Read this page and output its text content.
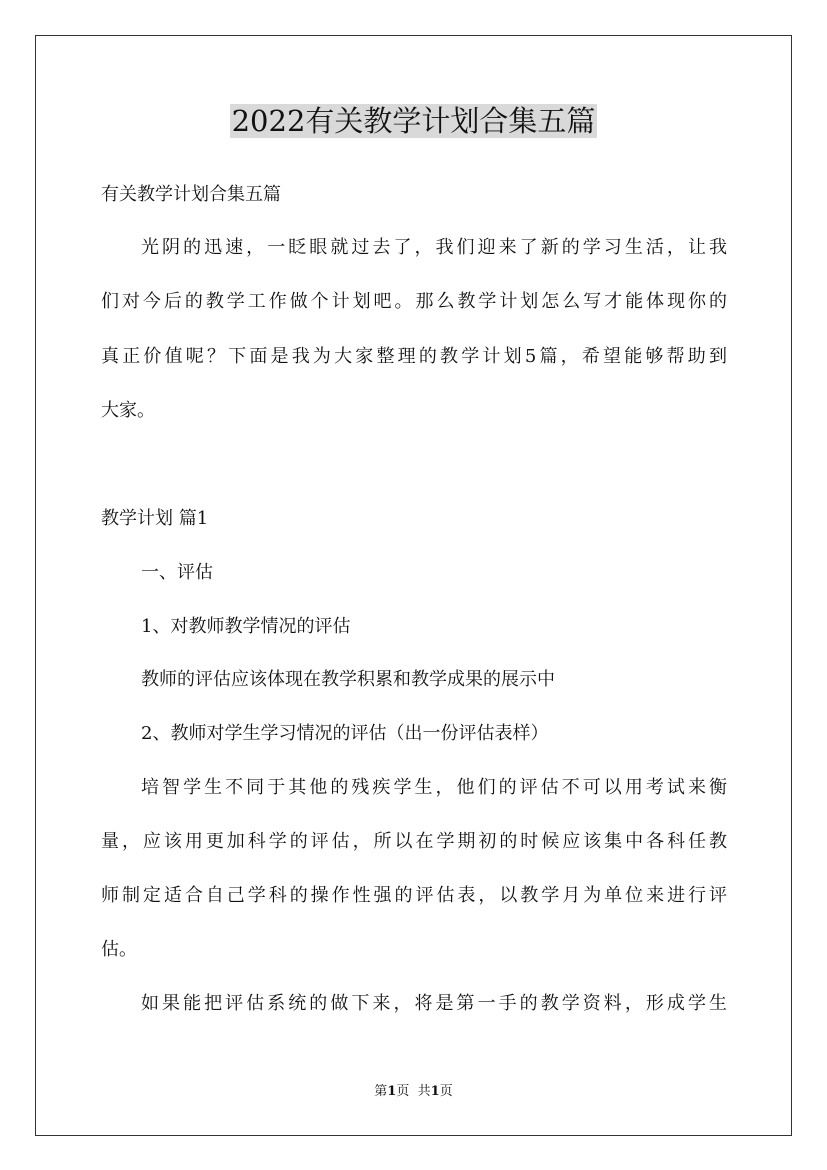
2022有关教学计划合集五篇
有关教学计划合集五篇
光阴的迅速，一眨眼就过去了，我们迎来了新的学习生活，让我
们对今后的教学工作做个计划吧。那么教学计划怎么写才能体现你的
真正价值呢？下面是我为大家整理的教学计划5篇，希望能够帮助到
大家。
教学计划 篇1
一、评估
1、对教师教学情况的评估
教师的评估应该体现在教学积累和教学成果的展示中
2、教师对学生学习情况的评估（出一份评估表样）
培智学生不同于其他的残疾学生，他们的评估不可以用考试来衡
量，应该用更加科学的评估，所以在学期初的时候应该集中各科任教
师制定适合自己学科的操作性强的评估表，以教学月为单位来进行评
估。
如果能把评估系统的做下来，将是第一手的教学资料，形成学生
第1页 共1页
